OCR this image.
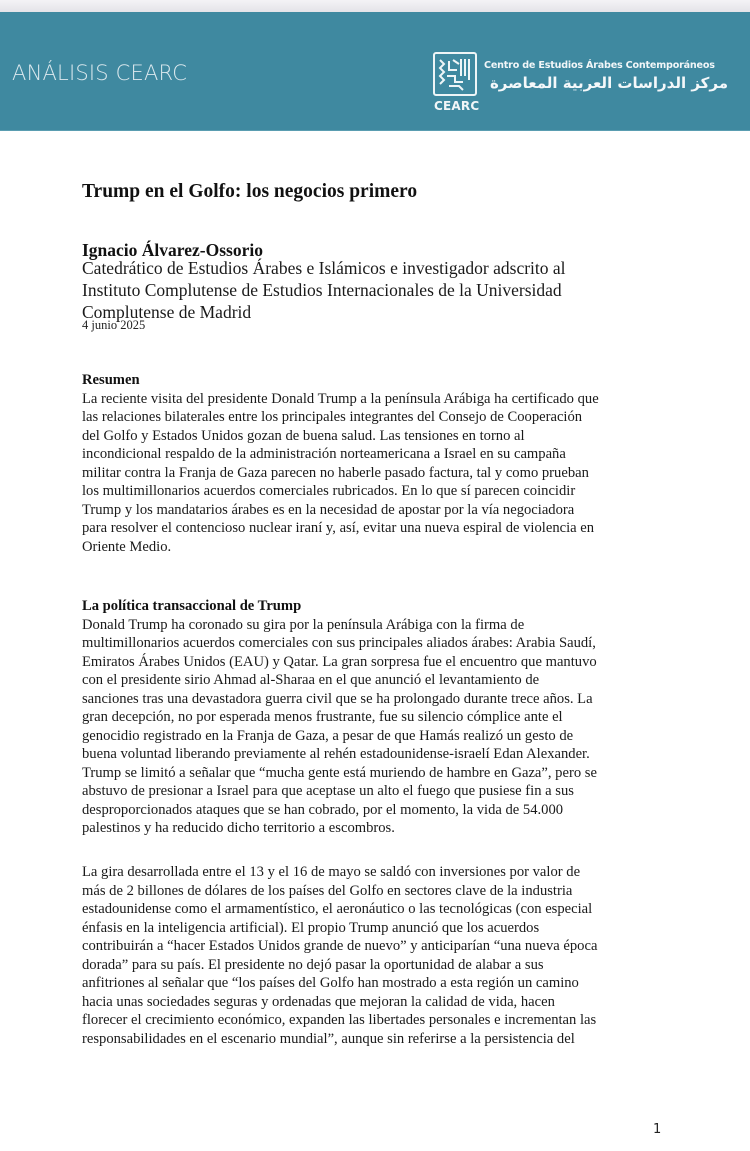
ANÁLISIS CEARC
CEARC
Centro de Estudios Árabes Contemporáneos
مركز الدراسات العربية المعاصرة
Trump en el Golfo: los negocios primero
Ignacio Álvarez-Ossorio
Catedrático de Estudios Árabes e Islámicos e investigador adscrito al
Instituto Complutense de Estudios Internacionales de la Universidad
Complutense de Madrid
4 junio 2025
Resumen
La reciente visita del presidente Donald Trump a la península Arábiga ha certificado que
las relaciones bilaterales entre los principales integrantes del Consejo de Cooperación
del Golfo y Estados Unidos gozan de buena salud. Las tensiones en torno al
incondicional respaldo de la administración norteamericana a Israel en su campaña
militar contra la Franja de Gaza parecen no haberle pasado factura, tal y como prueban
los multimillonarios acuerdos comerciales rubricados. En lo que sí parecen coincidir
Trump y los mandatarios árabes es en la necesidad de apostar por la vía negociadora
para resolver el contencioso nuclear iraní y, así, evitar una nueva espiral de violencia en
Oriente Medio.
La política transaccional de Trump
Donald Trump ha coronado su gira por la península Arábiga con la firma de
multimillonarios acuerdos comerciales con sus principales aliados árabes: Arabia Saudí,
Emiratos Árabes Unidos (EAU) y Qatar. La gran sorpresa fue el encuentro que mantuvo
con el presidente sirio Ahmad al-Sharaa en el que anunció el levantamiento de
sanciones tras una devastadora guerra civil que se ha prolongado durante trece años. La
gran decepción, no por esperada menos frustrante, fue su silencio cómplice ante el
genocidio registrado en la Franja de Gaza, a pesar de que Hamás realizó un gesto de
buena voluntad liberando previamente al rehén estadounidense-israelí Edan Alexander.
Trump se limitó a señalar que “mucha gente está muriendo de hambre en Gaza”, pero se
abstuvo de presionar a Israel para que aceptase un alto el fuego que pusiese fin a sus
desproporcionados ataques que se han cobrado, por el momento, la vida de 54.000
palestinos y ha reducido dicho territorio a escombros.
La gira desarrollada entre el 13 y el 16 de mayo se saldó con inversiones por valor de
más de 2 billones de dólares de los países del Golfo en sectores clave de la industria
estadounidense como el armamentístico, el aeronáutico o las tecnológicas (con especial
énfasis en la inteligencia artificial). El propio Trump anunció que los acuerdos
contribuirán a “hacer Estados Unidos grande de nuevo” y anticiparían “una nueva época
dorada” para su país. El presidente no dejó pasar la oportunidad de alabar a sus
anfitriones al señalar que “los países del Golfo han mostrado a esta región un camino
hacia unas sociedades seguras y ordenadas que mejoran la calidad de vida, hacen
florecer el crecimiento económico, expanden las libertades personales e incrementan las
responsabilidades en el escenario mundial”, aunque sin referirse a la persistencia del
1
